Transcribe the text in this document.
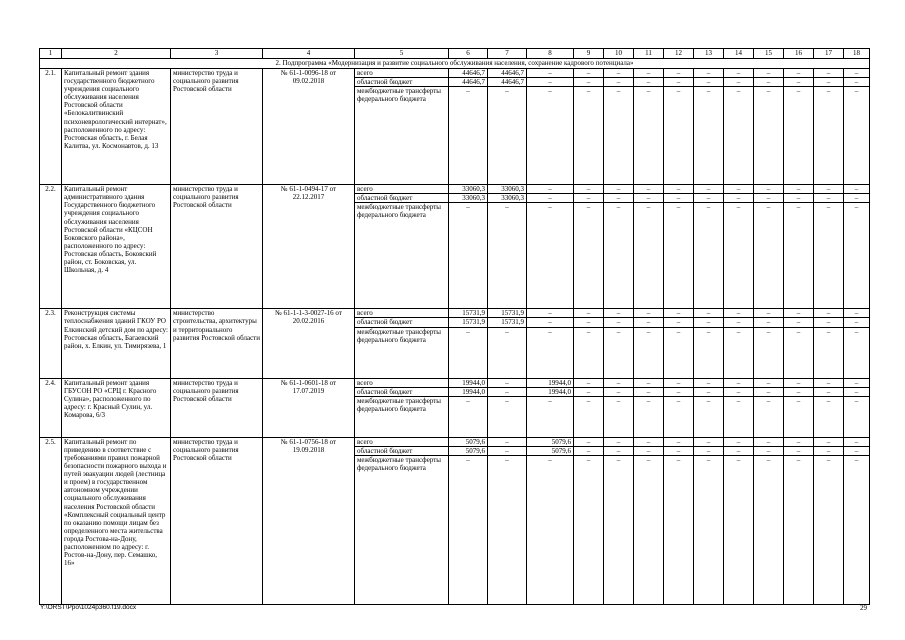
1	2	3	4	5	6	7	8	9	10	11	12	13	14	15	16	17	18
2. Подпрограмма «Модернизация и развитие социального обслуживания населения, сохранение кадрового потенциала»																	
2.1.	Капитальный ремонт здания государственного бюджетного учреждения социального обслуживания населения Ростовской области «Белокалитвинский психоневрологический интернат», расположенного по адресу: Ростовская область, г. Белая Калитва, ул. Космонавтов, д. 13	министерство труда и социального развития Ростовской области	№ 61-1-0096-18 от 09.02.2018	всего	44646,7	44646,7	–	–	–	–	–	–	–	–	–	–	–
				областной бюджет	44646,7	44646,7	–	–	–	–	–	–	–	–	–	–	–
				межбюджетные трансферты федерального бюджета	–	–	–	–	–	–	–	–	–	–	–	–	–
2.2.	Капитальный ремонт административного здания Государственного бюджетного учреждения социального обслуживания населения Ростовской области «КЦСОН Боковского района», расположенного по адресу: Ростовская область, Боковский район, ст. Боковская, ул. Школьная, д. 4	министерство труда и социального развития Ростовской области	№ 61-1-0494-17 от 22.12.2017	всего	33060,3	33060,3	–	–	–	–	–	–	–	–	–	–	–
				областной бюджет	33060,3	33060,3	–	–	–	–	–	–	–	–	–	–	–
				межбюджетные трансферты федерального бюджета	–	–	–	–	–	–	–	–	–	–	–	–	–
2.3.	Реконструкция системы теплоснабжения зданий ГКОУ РО Елкинский детский дом по адресу: Ростовская область, Багаевский район, х. Елкин, ул. Тимирязева, 1	министерство строительства, архитектуры и территориального развития Ростовской области	№ 61-1-1-3-0027-16 от 20.02.2016	всего	15731,9	15731,9	–	–	–	–	–	–	–	–	–	–	–
				областной бюджет	15731,9	15731,9	–	–	–	–	–	–	–	–	–	–	–
				межбюджетные трансферты федерального бюджета	–	–	–	–	–	–	–	–	–	–	–	–	–
2.4.	Капитальный ремонт здания ГБУСОН РО «СРЦ г. Красного Сулина», расположенного по адресу: г. Красный Сулин, ул. Комарова, 6/3	министерство труда и социального развития Ростовской области	№ 61-1-0601-18 от 17.07.2019	всего	19944,0	–	19944,0	–	–	–	–	–	–	–	–	–	–
				областной бюджет	19944,0	–	19944,0	–	–	–	–	–	–	–	–	–	–
				межбюджетные трансферты федерального бюджета	–	–	–	–	–	–	–	–	–	–	–	–	–
2.5.	Капитальный ремонт по приведению в соответствие с требованиями правил пожарной безопасности пожарного выхода и путей эвакуации людей (лестница и проем) в государственном автономном учреждении социального обслуживания населения Ростовской области «Комплексный социальный центр по оказанию помощи лицам без определенного места жительства города Ростова-на-Дону, расположенном по адресу: г. Ростов-на-Дону, пер. Семашко, 16»	министерство труда и социального развития Ростовской области	№ 61-1-0756-18 от 19.09.2018	всего	5079,6	–	5079,6	–	–	–	–	–	–	–	–	–	–
				областной бюджет	5079,6	–	5079,6	–	–	–	–	–	–	–	–	–	–
				межбюджетные трансферты федерального бюджета	–	–	–	–	–	–	–	–	–	–	–	–	–
Y:\ORST\Ppo\1024p360.f19.docx	29
